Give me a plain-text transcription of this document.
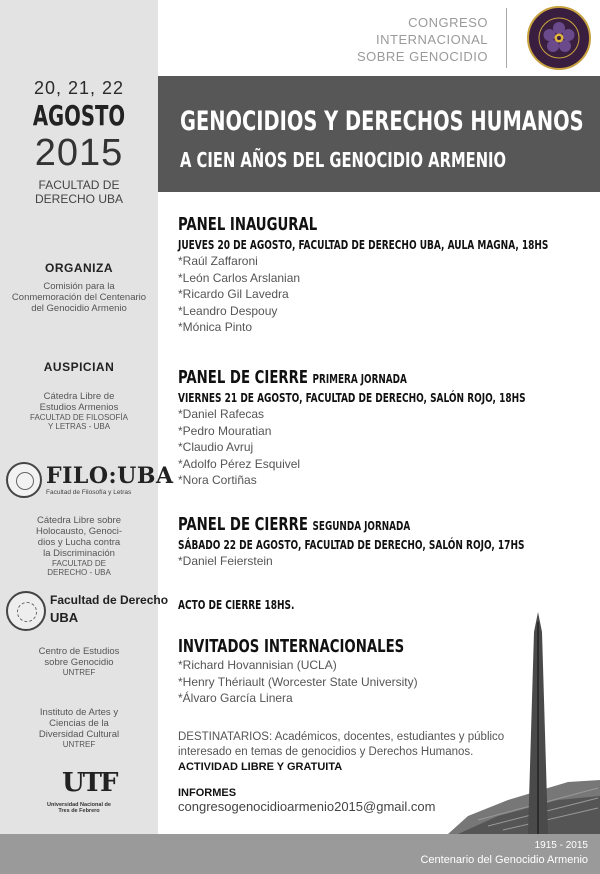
20, 21, 22
AGOSTO
2015
FACULTAD DE
DERECHO UBA
ORGANIZA
Comisión para la
Conmemoración del Centenario
del Genocidio Armenio
AUSPICIAN
Cátedra Libre de
Estudios Armenios
FACULTAD DE FILOSOFÍA
Y LETRAS - UBA
FILO:UBA
Facultad de Filosofía y Letras
Cátedra Libre sobre
Holocausto, Genoci-
dios y Lucha contra
la Discriminación
FACULTAD DE
DERECHO - UBA
Facultad de Derecho
UBA
Centro de Estudios
sobre Genocidio
UNTREF
Instituto de Artes y
Ciencias de la
Diversidad Cultural
UNTREF
UTF
Universidad Nacional de
Tres de Febrero
CONGRESO
INTERNACIONAL
SOBRE GENOCIDIO
GENOCIDIOS Y DERECHOS HUMANOS
A CIEN AÑOS DEL GENOCIDIO ARMENIO
PANEL INAUGURAL
JUEVES 20 DE AGOSTO, FACULTAD DE DERECHO UBA, AULA MAGNA, 18HS
*Raúl Zaffaroni
*León Carlos Arslanian
*Ricardo Gil Lavedra
*Leandro Despouy
*Mónica Pinto
PANEL DE CIERRE PRIMERA JORNADA
VIERNES 21 DE AGOSTO, FACULTAD DE DERECHO, SALÓN ROJO, 18HS
*Daniel Rafecas
*Pedro Mouratian
*Claudio Avruj
*Adolfo Pérez Esquivel
*Nora Cortiñas
PANEL DE CIERRE SEGUNDA JORNADA
SÁBADO 22 DE AGOSTO, FACULTAD DE DERECHO, SALÓN ROJO, 17HS
*Daniel Feierstein
ACTO DE CIERRE 18HS.
INVITADOS INTERNACIONALES
*Richard Hovannisian (UCLA)
*Henry Thériault (Worcester State University)
*Álvaro García Linera
DESTINATARIOS: Académicos, docentes, estudiantes y público
interesado en temas de genocidios y Derechos Humanos.
ACTIVIDAD LIBRE Y GRATUITA
INFORMES
congresogenocidioarmenio2015@gmail.com
1915 - 2015
Centenario del Genocidio Armenio
